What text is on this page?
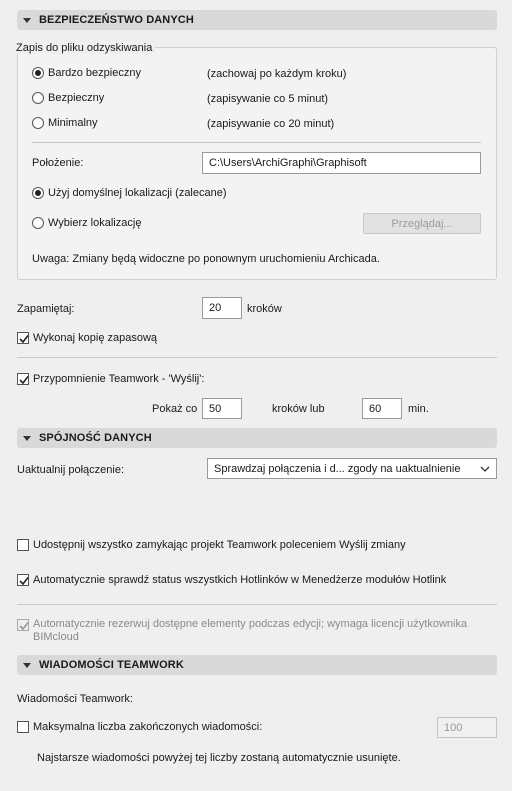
BEZPIECZEŃSTWO DANYCH
Zapis do pliku odzyskiwania
Bardzo bezpieczny	(zachowaj po każdym kroku)
Bezpieczny	(zapisywanie co 5 minut)
Minimalny	(zapisywanie co 20 minut)
Położenie:	C:\Users\ArchiGraphi\Graphisoft
Użyj domyślnej lokalizacji (zalecane)
Wybierz lokalizację	Przeglądaj...
Uwaga: Zmiany będą widoczne po ponownym uruchomieniu Archicada.
Zapamiętaj:	20	kroków
Wykonaj kopię zapasową
Przypomnienie Teamwork - 'Wyślij':
Pokaż co	50	kroków lub	60	min.
SPÓJNOŚĆ DANYCH
Uaktualnij połączenie:	Sprawdzaj połączenia i d... zgody na uaktualnienie
Udostępnij wszystko zamykając projekt Teamwork poleceniem Wyślij zmiany
Automatycznie sprawdź status wszystkich Hotlinków w Menedżerze modułów Hotlink
Automatycznie rezerwuj dostępne elementy podczas edycji; wymaga licencji użytkownika
BIMcloud
WIADOMOŚCI TEAMWORK
Wiadomości Teamwork:
Maksymalna liczba zakończonych wiadomości:	100
Najstarsze wiadomości powyżej tej liczby zostaną automatycznie usunięte.
